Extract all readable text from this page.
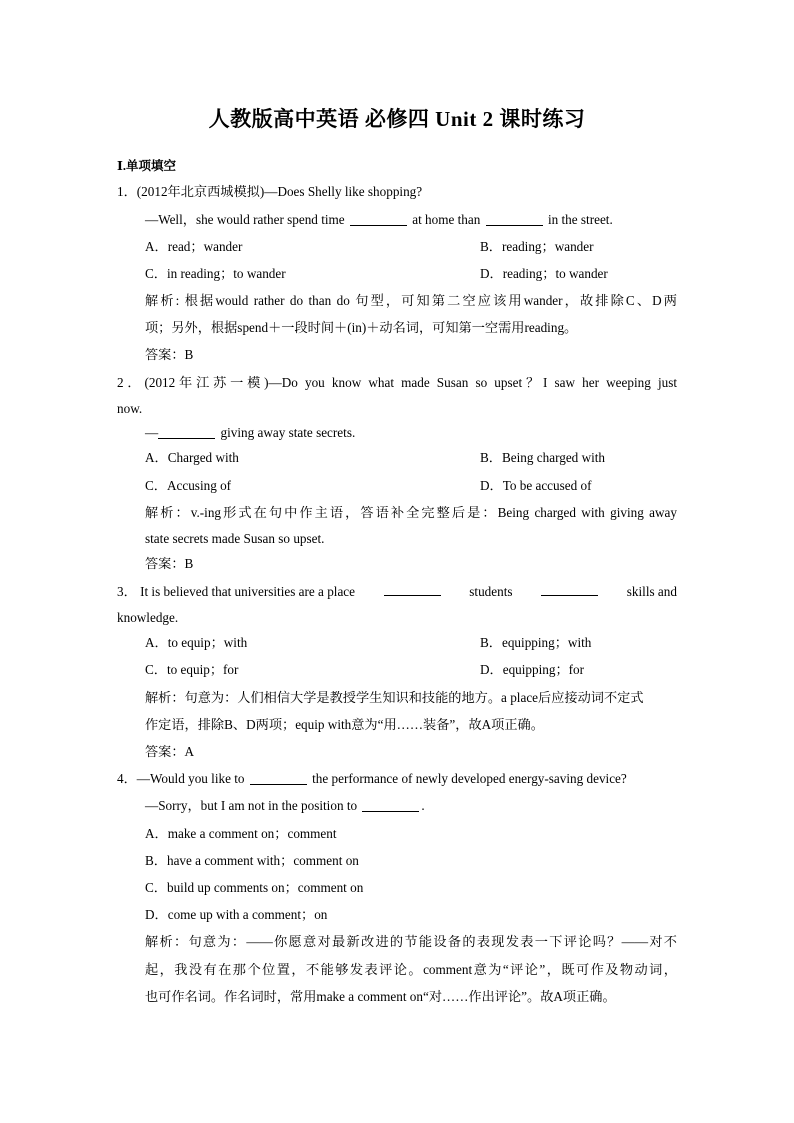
人教版高中英语 必修四 Unit 2 课时练习
Ⅰ.单项填空
1．(2012年北京西城模拟)—Does Shelly like shopping?
—Well，she would rather spend time	at home than	in the street.
A．read；wander	B．reading；wander
C．in reading；to wander	D．reading；to wander
解析: 根据would rather do than do 句型，可知第二空应该用wander，故排除C、D两
项；另外，根据spend＋一段时间＋(in)＋动名词，可知第一空需用reading。
答案：B
2．(2012年江苏一模)—Do you know what made Susan so upset？I saw her weeping just
now.
—	giving away state secrets.
A．Charged with	B．Being charged with
C．Accusing of	D．To be accused of
解析：v.-ing形式在句中作主语，答语补全完整后是：Being charged with giving away
state secrets made Susan so upset.
答案：B
3． It is believed that universities are a place	students	skills and
knowledge.
A．to equip；with	B．equipping；with
C．to equip；for	D．equipping；for
解析：句意为：人们相信大学是教授学生知识和技能的地方。a place后应接动词不定式
作定语，排除B、D两项；equip with意为“用……装备”，故A项正确。
答案：A
4．—Would you like to	the performance of newly developed energy-saving device?
—Sorry，but I am not in the position to	.
A．make a comment on；comment
B．have a comment with；comment on
C．build up comments on；comment on
D．come up with a comment；on
解析：句意为：——你愿意对最新改进的节能设备的表现发表一下评论吗？——对不
起，我没有在那个位置，不能够发表评论。comment意为“评论”，既可作及物动词，
也可作名词。作名词时，常用make a comment on“对……作出评论”。故A项正确。
